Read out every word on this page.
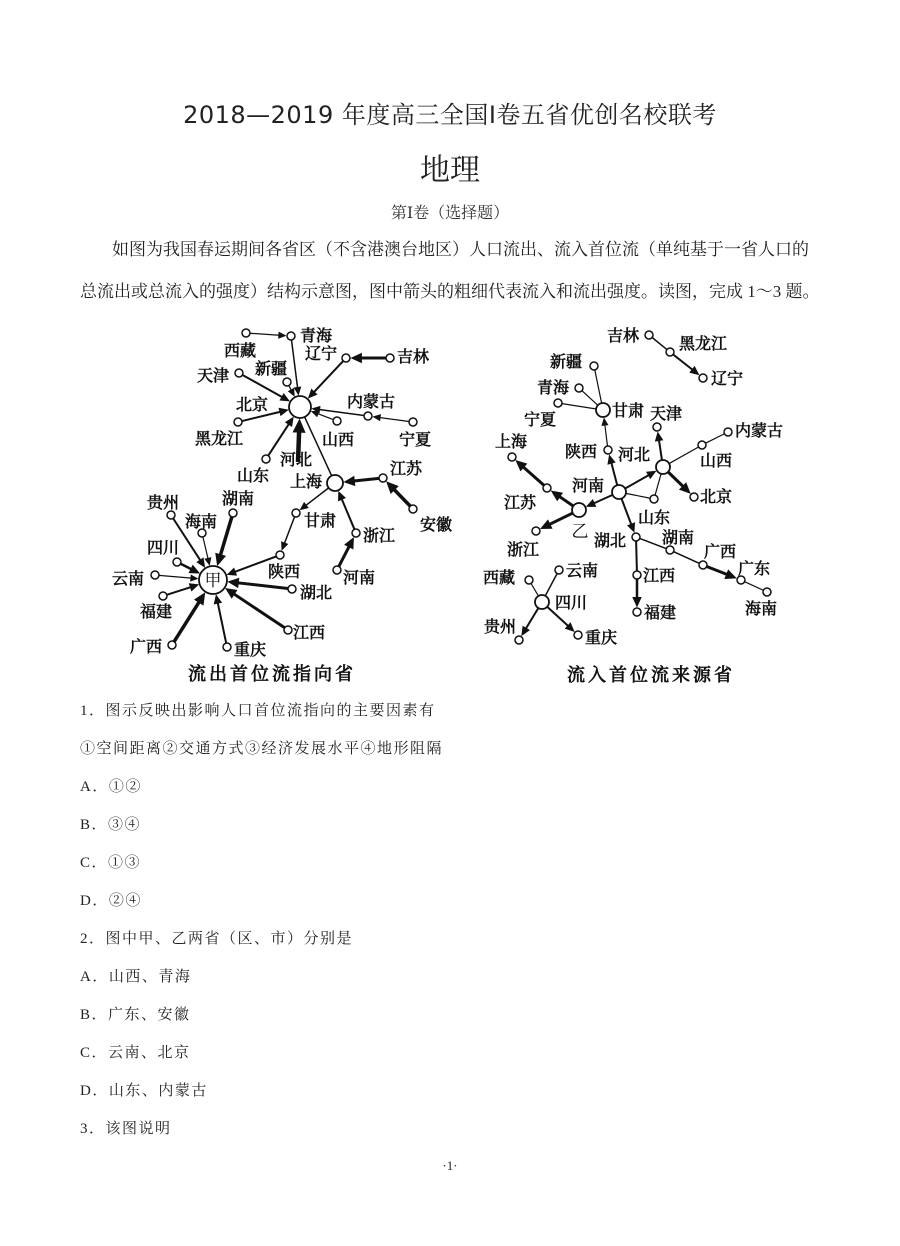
2018—2019 年度高三全国Ⅰ卷五省优创名校联考
地理
第Ⅰ卷（选择题）
如图为我国春运期间各省区（不含港澳台地区）人口流出、流入首位流（单纯基于一省人口的
总流出或总流入的强度）结构示意图，图中箭头的粗细代表流入和流出强度。读图，完成 1～3 题。
青海
西藏	辽宁	吉林
天津 新疆
北京	内蒙古
黑龙江	山西	宁夏
河北
山东 上海
江苏
安徽
甘肃
浙江
河南
贵州
海南
湖南
四川
云南
福建
广西	重庆
江西
湖北
陕西
甲
吉林 黑龙江
辽宁
新疆
青海
宁夏
甘肃 天津
内蒙古
陕西 河北	山西
上海
河南
北京
江苏
山东
浙江
湖北 湖南
广西
广东
海南
江西
福建
西藏	云南
四川
贵州
重庆
乙
流出首位流指向省	流入首位流来源省
1．图示反映出影响人口首位流指向的主要因素有
①空间距离②交通方式③经济发展水平④地形阻隔
A．①②
B．③④
C．①③
D．②④
2．图中甲、乙两省（区、市）分别是
A．山西、青海
B．广东、安徽
C．云南、北京
D．山东、内蒙古
3．该图说明
·1·
